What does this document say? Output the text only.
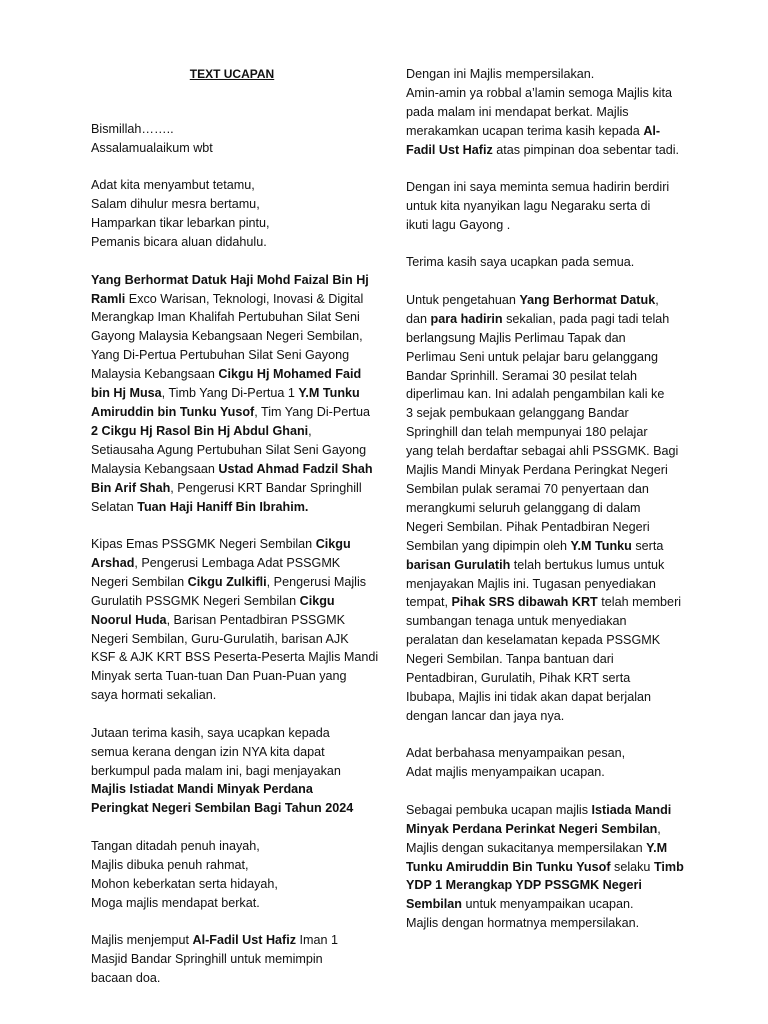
TEXT UCAPAN
Bismillah……..
Assalamualaikum wbt
Adat kita menyambut tetamu,
Salam dihulur mesra bertamu,
Hamparkan tikar lebarkan pintu,
Pemanis bicara aluan didahulu.
Yang Berhormat Datuk Haji Mohd Faizal Bin Hj
Ramli Exco Warisan, Teknologi, Inovasi & Digital
Merangkap Iman Khalifah Pertubuhan Silat Seni
Gayong Malaysia Kebangsaan Negeri Sembilan,
Yang Di-Pertua Pertubuhan Silat Seni Gayong
Malaysia Kebangsaan Cikgu Hj Mohamed Faid
bin Hj Musa, Timb Yang Di-Pertua 1 Y.M Tunku
Amiruddin bin Tunku Yusof, Tim Yang Di-Pertua
2 Cikgu Hj Rasol Bin Hj Abdul Ghani,
Setiausaha Agung Pertubuhan Silat Seni Gayong
Malaysia Kebangsaan Ustad Ahmad Fadzil Shah
Bin Arif Shah, Pengerusi KRT Bandar Springhill
Selatan Tuan Haji Haniff Bin Ibrahim.
Kipas Emas PSSGMK Negeri Sembilan Cikgu
Arshad, Pengerusi Lembaga Adat PSSGMK
Negeri Sembilan Cikgu Zulkifli, Pengerusi Majlis
Gurulatih PSSGMK Negeri Sembilan Cikgu
Noorul Huda, Barisan Pentadbiran PSSGMK
Negeri Sembilan, Guru-Gurulatih, barisan AJK
KSF & AJK KRT BSS Peserta-Peserta Majlis Mandi
Minyak serta Tuan-tuan Dan Puan-Puan yang
saya hormati sekalian.
Jutaan terima kasih, saya ucapkan kepada
semua kerana dengan izin NYA kita dapat
berkumpul pada malam ini, bagi menjayakan
Majlis Istiadat Mandi Minyak Perdana
Peringkat Negeri Sembilan Bagi Tahun 2024
Tangan ditadah penuh inayah,
Majlis dibuka penuh rahmat,
Mohon keberkatan serta hidayah,
Moga majlis mendapat berkat.
Majlis menjemput Al-Fadil Ust Hafiz Iman 1
Masjid Bandar Springhill untuk memimpin
bacaan doa.
Dengan ini Majlis mempersilakan.
Amin-amin ya robbal a’lamin semoga Majlis kita
pada malam ini mendapat berkat. Majlis
merakamkan ucapan terima kasih kepada Al-
Fadil Ust Hafiz atas pimpinan doa sebentar tadi.
Dengan ini saya meminta semua hadirin berdiri
untuk kita nyanyikan lagu Negaraku serta di
ikuti lagu Gayong .
Terima kasih saya ucapkan pada semua.
Untuk pengetahuan Yang Berhormat Datuk,
dan para hadirin sekalian, pada pagi tadi telah
berlangsung Majlis Perlimau Tapak dan
Perlimau Seni untuk pelajar baru gelanggang
Bandar Sprinhill. Seramai 30 pesilat telah
diperlimau kan. Ini adalah pengambilan kali ke
3 sejak pembukaan gelanggang Bandar
Springhill dan telah mempunyai 180 pelajar
yang telah berdaftar sebagai ahli PSSGMK. Bagi
Majlis Mandi Minyak Perdana Peringkat Negeri
Sembilan pulak seramai 70 penyertaan dan
merangkumi seluruh gelanggang di dalam
Negeri Sembilan. Pihak Pentadbiran Negeri
Sembilan yang dipimpin oleh Y.M Tunku serta
barisan Gurulatih telah bertukus lumus untuk
menjayakan Majlis ini. Tugasan penyediakan
tempat, Pihak SRS dibawah KRT telah memberi
sumbangan tenaga untuk menyediakan
peralatan dan keselamatan kepada PSSGMK
Negeri Sembilan. Tanpa bantuan dari
Pentadbiran, Gurulatih, Pihak KRT serta
Ibubapa, Majlis ini tidak akan dapat berjalan
dengan lancar dan jaya nya.
Adat berbahasa menyampaikan pesan,
Adat majlis menyampaikan ucapan.
Sebagai pembuka ucapan majlis Istiada Mandi
Minyak Perdana Perinkat Negeri Sembilan,
Majlis dengan sukacitanya mempersilakan Y.M
Tunku Amiruddin Bin Tunku Yusof selaku Timb
YDP 1 Merangkap YDP PSSGMK Negeri
Sembilan untuk menyampaikan ucapan.
Majlis dengan hormatnya mempersilakan.
